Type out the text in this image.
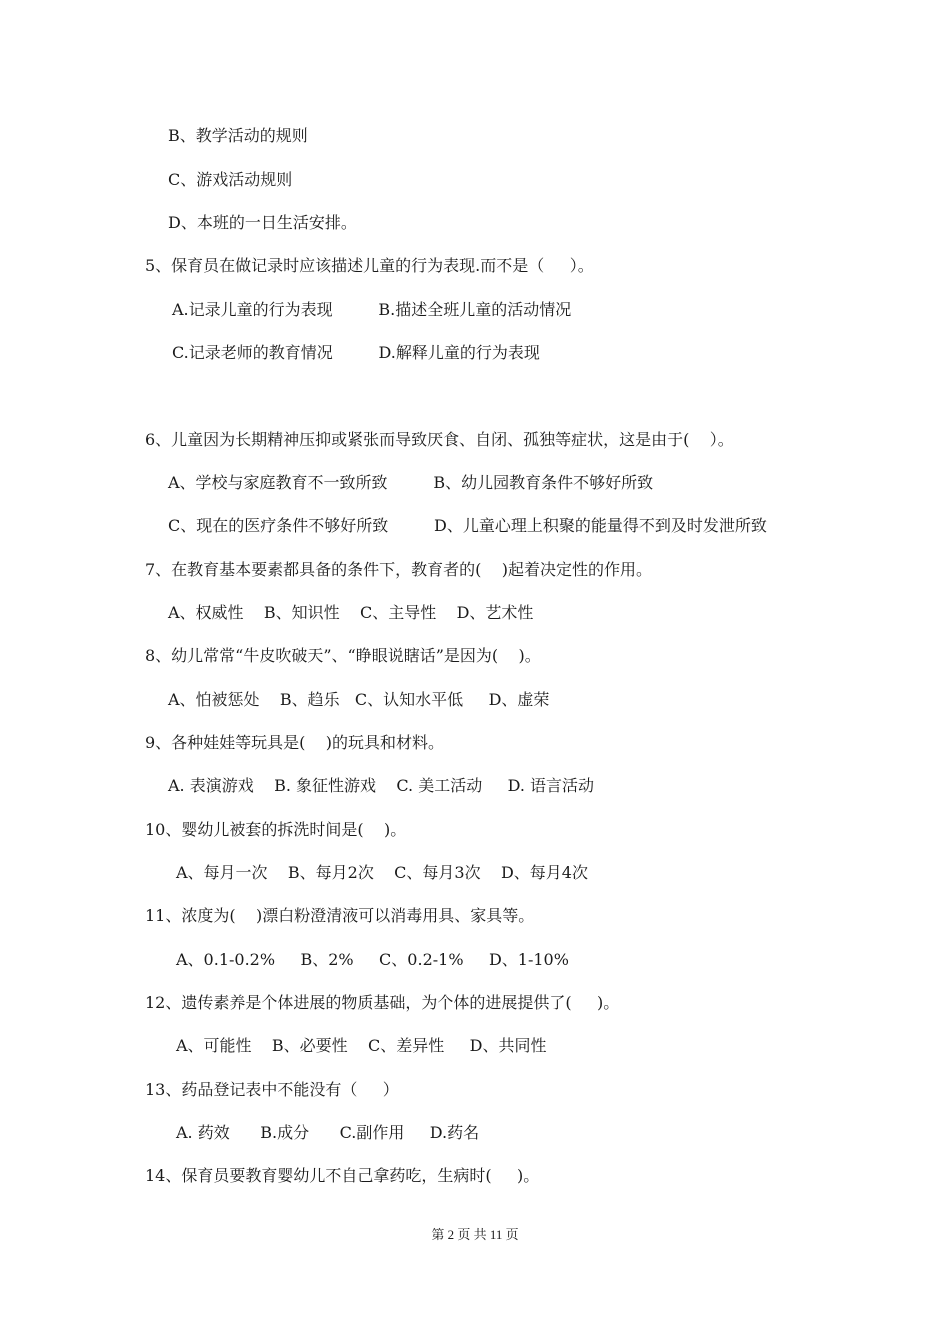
B、教学活动的规则
C、游戏活动规则
D、本班的一日生活安排。
5、保育员在做记录时应该描述儿童的行为表现.而不是（     ）。
A.记录儿童的行为表现         B.描述全班儿童的活动情况
C.记录老师的教育情况         D.解释儿童的行为表现
6、儿童因为长期精神压抑或紧张而导致厌食、自闭、孤独等症状，这是由于(    ）。
A、学校与家庭教育不一致所致         B、幼儿园教育条件不够好所致
C、现在的医疗条件不够好所致         D、儿童心理上积聚的能量得不到及时发泄所致
7、在教育基本要素都具备的条件下，教育者的(    )起着决定性的作用。
A、权威性    B、知识性    C、主导性    D、艺术性
8、幼儿常常“牛皮吹破天”、“睁眼说瞎话”是因为(    )。
A、怕被惩处    B、趋乐   C、认知水平低     D、虚荣
9、各种娃娃等玩具是(    )的玩具和材料。
A. 表演游戏    B. 象征性游戏    C. 美工活动     D. 语言活动
10、婴幼儿被套的拆洗时间是(    )。
A、每月一次    B、每月2次    C、每月3次    D、每月4次
11、浓度为(    )漂白粉澄清液可以消毒用具、家具等。
A、0.1-0.2%     B、2%     C、0.2-1%     D、1-10%
12、遗传素养是个体进展的物质基础，为个体的进展提供了(     )。
A、可能性    B、必要性    C、差异性     D、共同性
13、药品登记表中不能没有（     ）
A. 药效      B.成分      C.副作用     D.药名
14、保育员要教育婴幼儿不自己拿药吃，生病时(     )。
第 2 页 共 11 页
